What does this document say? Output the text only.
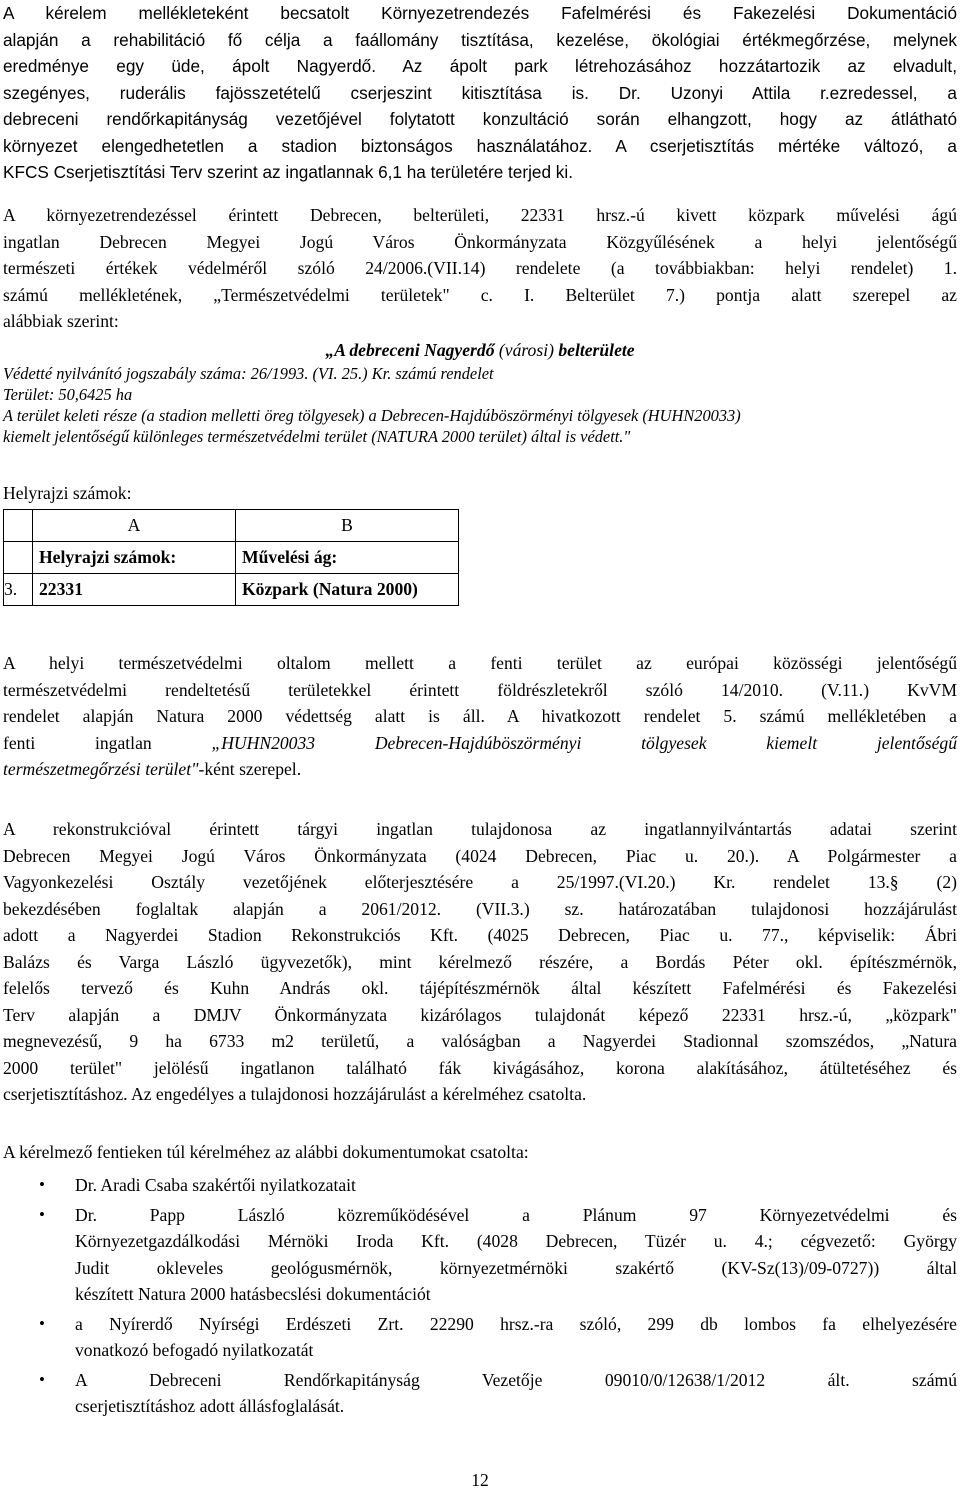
A kérelem mellékleteként becsatolt Környezetrendezés Fafelmérési és Fakezelési Dokumentáció
alapján a rehabilitáció fő célja a faállomány tisztítása, kezelése, ökológiai értékmegőrzése, melynek
eredménye egy üde, ápolt Nagyerdő. Az ápolt park létrehozásához hozzátartozik az elvadult,
szegényes, ruderális fajösszetételű cserjeszint kitisztítása is. Dr. Uzonyi Attila r.ezredessel, a
debreceni rendőrkapitányság vezetőjével folytatott konzultáció során elhangzott, hogy az átlátható
környezet elengedhetetlen a stadion biztonságos használatához. A cserjetisztítás mértéke változó, a
KFCS Cserjetisztítási Terv szerint az ingatlannak 6,1 ha területére terjed ki.

A környezetrendezéssel érintett Debrecen, belterületi, 22331 hrsz.-ú kivett közpark művelési ágú
ingatlan Debrecen Megyei Jogú Város Önkormányzata Közgyűlésének a helyi jelentőségű
természeti értékek védelméről szóló 24/2006.(VII.14) rendelete (a továbbiakban: helyi rendelet) 1.
számú mellékletének, „Természetvédelmi területek" c. I. Belterület 7.) pontja alatt szerepel az
alábbiak szerint:

„A debreceni Nagyerdő (városi) belterülete
Védetté nyilvánító jogszabály száma: 26/1993. (VI. 25.) Kr. számú rendelet
Terület: 50,6425 ha
A terület keleti része (a stadion melletti öreg tölgyesek) a Debrecen-Hajdúböszörményi tölgyesek (HUHN20033)
kiemelt jelentőségű különleges természetvédelmi terület (NATURA 2000 terület) által is védett."
Helyrajzi számok:
	A	B
	Helyrajzi számok:	Művelési ág:
3.	22331	Közpark (Natura 2000)

A helyi természetvédelmi oltalom mellett a fenti terület az európai közösségi jelentőségű
természetvédelmi rendeltetésű területekkel érintett földrészletekről szóló 14/2010. (V.11.) KvVM
rendelet alapján Natura 2000 védettség alatt is áll. A hivatkozott rendelet 5. számú mellékletében a
fenti ingatlan „HUHN20033 Debrecen-Hajdúböszörményi tölgyesek kiemelt jelentőségű
természetmegőrzési terület"-ként szerepel.

A rekonstrukcióval érintett tárgyi ingatlan tulajdonosa az ingatlannyilvántartás adatai szerint
Debrecen Megyei Jogú Város Önkormányzata (4024 Debrecen, Piac u. 20.). A Polgármester a
Vagyonkezelési Osztály vezetőjének előterjesztésére a 25/1997.(VI.20.) Kr. rendelet 13.§ (2)
bekezdésében foglaltak alapján a 2061/2012. (VII.3.) sz. határozatában tulajdonosi hozzájárulást
adott a Nagyerdei Stadion Rekonstrukciós Kft. (4025 Debrecen, Piac u. 77., képviselik: Ábri
Balázs és Varga László ügyvezetők), mint kérelmező részére, a Bordás Péter okl. építészmérnök,
felelős tervező és Kuhn András okl. tájépítészmérnök által készített Fafelmérési és Fakezelési
Terv alapján a DMJV Önkormányzata kizárólagos tulajdonát képező 22331 hrsz.-ú, „közpark"
megnevezésű, 9 ha 6733 m2 területű, a valóságban a Nagyerdei Stadionnal szomszédos, „Natura
2000 terület" jelölésű ingatlanon található fák kivágásához, korona alakításához, átültetéséhez és
cserjetisztításhoz. Az engedélyes a tulajdonosi hozzájárulást a kérelméhez csatolta.

A kérelmező fentieken túl kérelméhez az alábbi dokumentumokat csatolta:
• Dr. Aradi Csaba szakértői nyilatkozatait
• Dr. Papp László közreműködésével a Plánum 97 Környezetvédelmi és
Környezetgazdálkodási Mérnöki Iroda Kft. (4028 Debrecen, Tüzér u. 4.; cégvezető: György
Judit okleveles geológusmérnök, környezetmérnöki szakértő (KV-Sz(13)/09-0727)) által
készített Natura 2000 hatásbecslési dokumentációt
• a Nyírerdő Nyírségi Erdészeti Zrt. 22290 hrsz.-ra szóló, 299 db lombos fa elhelyezésére
vonatkozó befogadó nyilatkozatát
• A Debreceni Rendőrkapitányság Vezetője 09010/0/12638/1/2012 ált. számú
cserjetisztításhoz adott állásfoglalását.
12
